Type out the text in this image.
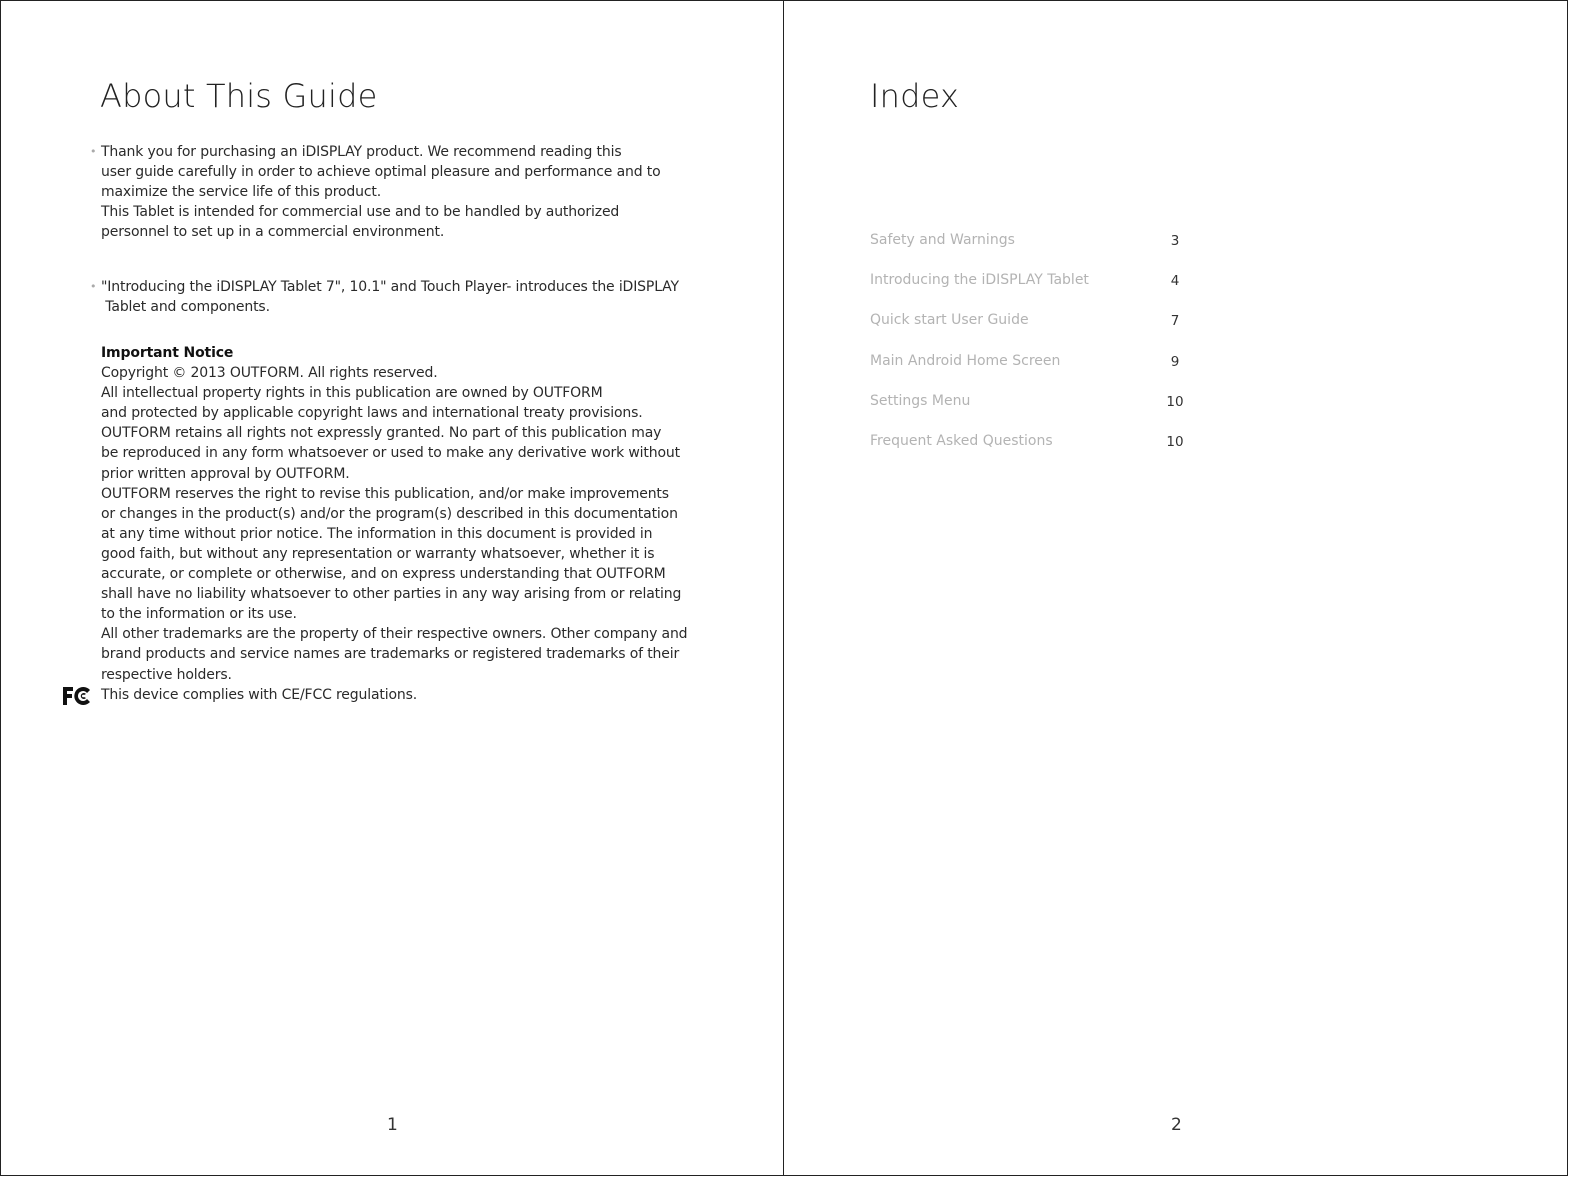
About This Guide
• Thank you for purchasing an iDISPLAY product. We recommend reading this
user guide carefully in order to achieve optimal pleasure and performance and to
maximize the service life of this product.
This Tablet is intended for commercial use and to be handled by authorized
personnel to set up in a commercial environment.
• "Introducing the iDISPLAY Tablet 7", 10.1" and Touch Player- introduces the iDISPLAY
Tablet and components.
Important Notice
Copyright © 2013 OUTFORM. All rights reserved.
All intellectual property rights in this publication are owned by OUTFORM
and protected by applicable copyright laws and international treaty provisions.
OUTFORM retains all rights not expressly granted. No part of this publication may
be reproduced in any form whatsoever or used to make any derivative work without
prior written approval by OUTFORM.
OUTFORM reserves the right to revise this publication, and/or make improvements
or changes in the product(s) and/or the program(s) described in this documentation
at any time without prior notice. The information in this document is provided in
good faith, but without any representation or warranty whatsoever, whether it is
accurate, or complete or otherwise, and on express understanding that OUTFORM
shall have no liability whatsoever to other parties in any way arising from or relating
to the information or its use.
All other trademarks are the property of their respective owners. Other company and
brand products and service names are trademarks or registered trademarks of their
respective holders.
This device complies with CE/FCC regulations.
1
Index
Safety and Warnings	3
Introducing the iDISPLAY Tablet	4
Quick start User Guide	7
Main Android Home Screen	9
Settings Menu	10
Frequent Asked Questions	10
2
